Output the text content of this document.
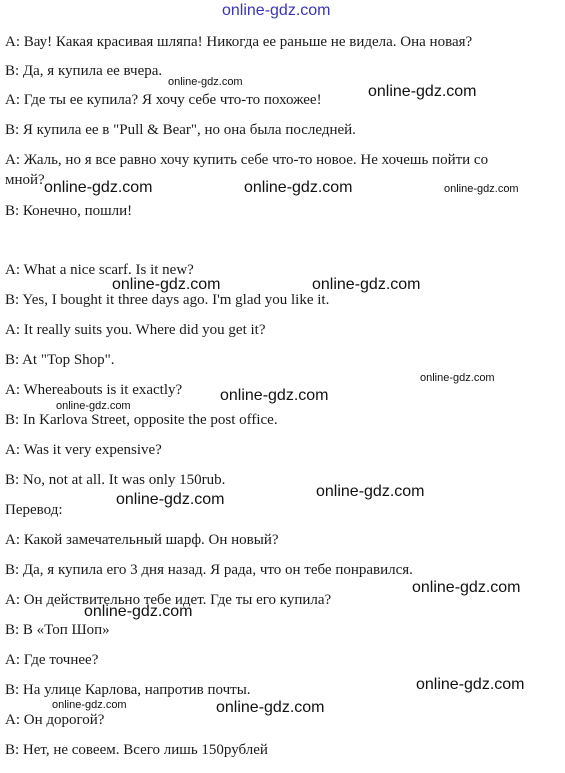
online-gdz.com
A: Вау! Какая красивая шляпа! Никогда ее раньше не видела. Она новая?
B: Да, я купила ее вчера.
A: Где ты ее купила? Я хочу себе что-то похожее!
B: Я купила ее в "Pull & Bear", но она была последней.
A: Жаль, но я все равно хочу купить себе что-то новое. Не хочешь пойти со
мной?
B: Конечно, пошли!
A: What a nice scarf. Is it new?
B: Yes, I bought it three days ago. I'm glad you like it.
A: It really suits you. Where did you get it?
B: At "Top Shop".
A: Whereabouts is it exactly?
B: In Karlova Street, opposite the post office.
A: Was it very expensive?
B: No, not at all. It was only 150rub.
Перевод:
A: Какой замечательный шарф. Он новый?
B: Да, я купила его 3 дня назад. Я рада, что он тебе понравился.
A: Он действительно тебе идет. Где ты его купила?
B: В «Топ Шоп»
A: Где точнее?
B: На улице Карлова, напротив почты.
A: Он дорогой?
B: Нет, не совеем. Всего лишь 150рублей
online-gdz.com
online-gdz.com
online-gdz.com	online-gdz.com	online-gdz.com
online-gdz.com	online-gdz.com
online-gdz.com
online-gdz.com
online-gdz.com
online-gdz.com
online-gdz.com
online-gdz.com
online-gdz.com
online-gdz.com
online-gdz.com	online-gdz.com
